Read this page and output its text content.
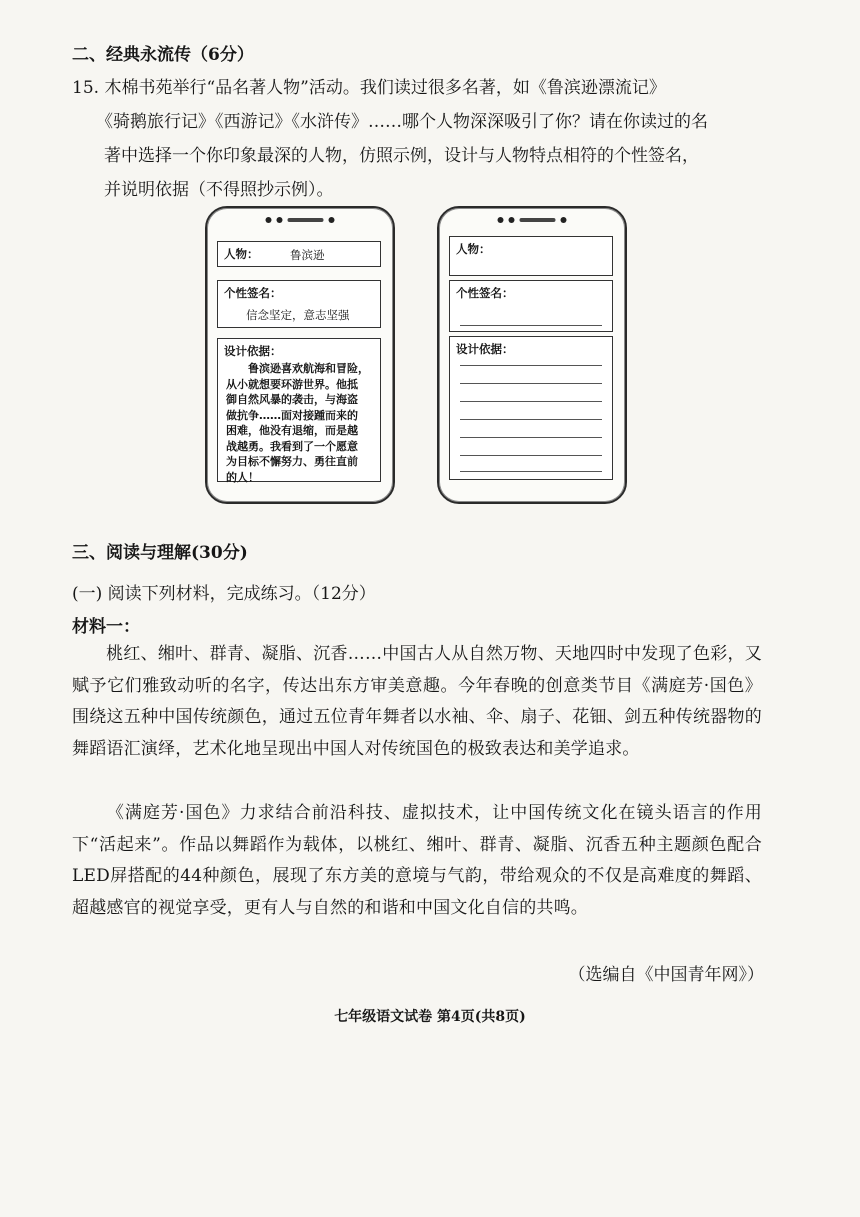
二、经典永流传（6分）
15. 木棉书苑举行“品名著人物”活动。我们读过很多名著，如《鲁滨逊漂流记》
《骑鹅旅行记》《西游记》《水浒传》……哪个人物深深吸引了你？请在你读过的名
著中选择一个你印象最深的人物，仿照示例，设计与人物特点相符的个性签名，
并说明依据（不得照抄示例）。
人物：	鲁滨逊
个性签名：
信念坚定，意志坚强
设计依据：
　　鲁滨逊喜欢航海和冒险，
从小就想要环游世界。他抵
御自然风暴的袭击，与海盗
做抗争……面对接踵而来的
困难，他没有退缩，而是越
战越勇。我看到了一个愿意
为目标不懈努力、勇往直前
的人！
人物：
个性签名：
设计依据：
三、阅读与理解(30分)
(一) 阅读下列材料，完成练习。（12分）
材料一：
桃红、缃叶、群青、凝脂、沉香……中国古人从自然万物、天地四时中发现了色彩，又赋予它们雅致动听的名字，传达出东方审美意趣。今年春晚的创意类节目《满庭芳·国色》围绕这五种中国传统颜色，通过五位青年舞者以水袖、伞、扇子、花钿、剑五种传统器物的舞蹈语汇演绎，艺术化地呈现出中国人对传统国色的极致表达和美学追求。
《满庭芳·国色》力求结合前沿科技、虚拟技术，让中国传统文化在镜头语言的作用下“活起来”。作品以舞蹈作为载体，以桃红、缃叶、群青、凝脂、沉香五种主题颜色配合LED屏搭配的44种颜色，展现了东方美的意境与气韵，带给观众的不仅是高难度的舞蹈、超越感官的视觉享受，更有人与自然的和谐和中国文化自信的共鸣。
（选编自《中国青年网》）
七年级语文试卷 第4页(共8页)
